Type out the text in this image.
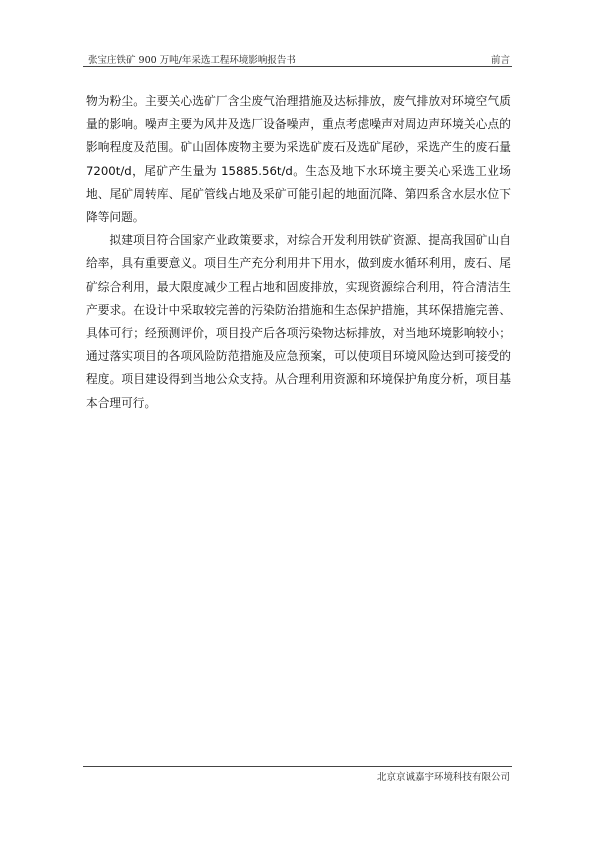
张宝庄铁矿 900 万吨/年采选工程环境影响报告书	前言

物为粉尘。主要关心选矿厂含尘废气治理措施及达标排放，废气排放对环境空气质量的影响。噪声主要为风井及选厂设备噪声，重点考虑噪声对周边声环境关心点的影响程度及范围。矿山固体废物主要为采选矿废石及选矿尾砂，采选产生的废石量 7200t/d，尾矿产生量为 15885.56t/d。生态及地下水环境主要关心采选工业场地、尾矿周转库、尾矿管线占地及采矿可能引起的地面沉降、第四系含水层水位下降等问题。

拟建项目符合国家产业政策要求，对综合开发利用铁矿资源、提高我国矿山自给率，具有重要意义。项目生产充分利用井下用水，做到废水循环利用，废石、尾矿综合利用，最大限度减少工程占地和固废排放，实现资源综合利用，符合清洁生产要求。在设计中采取较完善的污染防治措施和生态保护措施，其环保措施完善、具体可行；经预测评价，项目投产后各项污染物达标排放，对当地环境影响较小；通过落实项目的各项风险防范措施及应急预案，可以使项目环境风险达到可接受的程度。项目建设得到当地公众支持。从合理利用资源和环境保护角度分析，项目基本合理可行。

北京京诚嘉宇环境科技有限公司
